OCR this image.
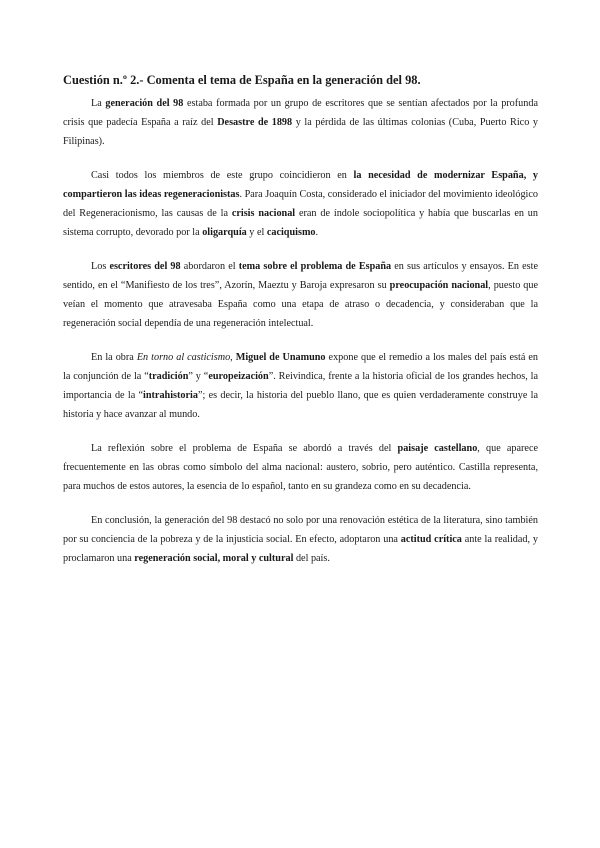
Cuestión n.º 2.- Comenta el tema de España en la generación del 98.

La generación del 98 estaba formada por un grupo de escritores que se sentían afectados por la profunda crisis que padecía España a raíz del Desastre de 1898 y la pérdida de las últimas colonias (Cuba, Puerto Rico y Filipinas).

Casi todos los miembros de este grupo coincidieron en la necesidad de modernizar España, y compartieron las ideas regeneracionistas. Para Joaquín Costa, considerado el iniciador del movimiento ideológico del Regeneracionismo, las causas de la crisis nacional eran de índole sociopolítica y había que buscarlas en un sistema corrupto, devorado por la oligarquía y el caciquismo.

Los escritores del 98 abordaron el tema sobre el problema de España en sus artículos y ensayos. En este sentido, en el “Manifiesto de los tres”, Azorín, Maeztu y Baroja expresaron su preocupación nacional, puesto que veían el momento que atravesaba España como una etapa de atraso o decadencia, y consideraban que la regeneración social dependía de una regeneración intelectual.

En la obra En torno al casticismo, Miguel de Unamuno expone que el remedio a los males del país está en la conjunción de la “tradición” y “europeización”. Reivindica, frente a la historia oficial de los grandes hechos, la importancia de la “intrahistoria”; es decir, la historia del pueblo llano, que es quien verdaderamente construye la historia y hace avanzar al mundo.

La reflexión sobre el problema de España se abordó a través del paisaje castellano, que aparece frecuentemente en las obras como símbolo del alma nacional: austero, sobrio, pero auténtico. Castilla representa, para muchos de estos autores, la esencia de lo español, tanto en su grandeza como en su decadencia.

En conclusión, la generación del 98 destacó no solo por una renovación estética de la literatura, sino también por su conciencia de la pobreza y de la injusticia social. En efecto, adoptaron una actitud crítica ante la realidad, y proclamaron una regeneración social, moral y cultural del país.
